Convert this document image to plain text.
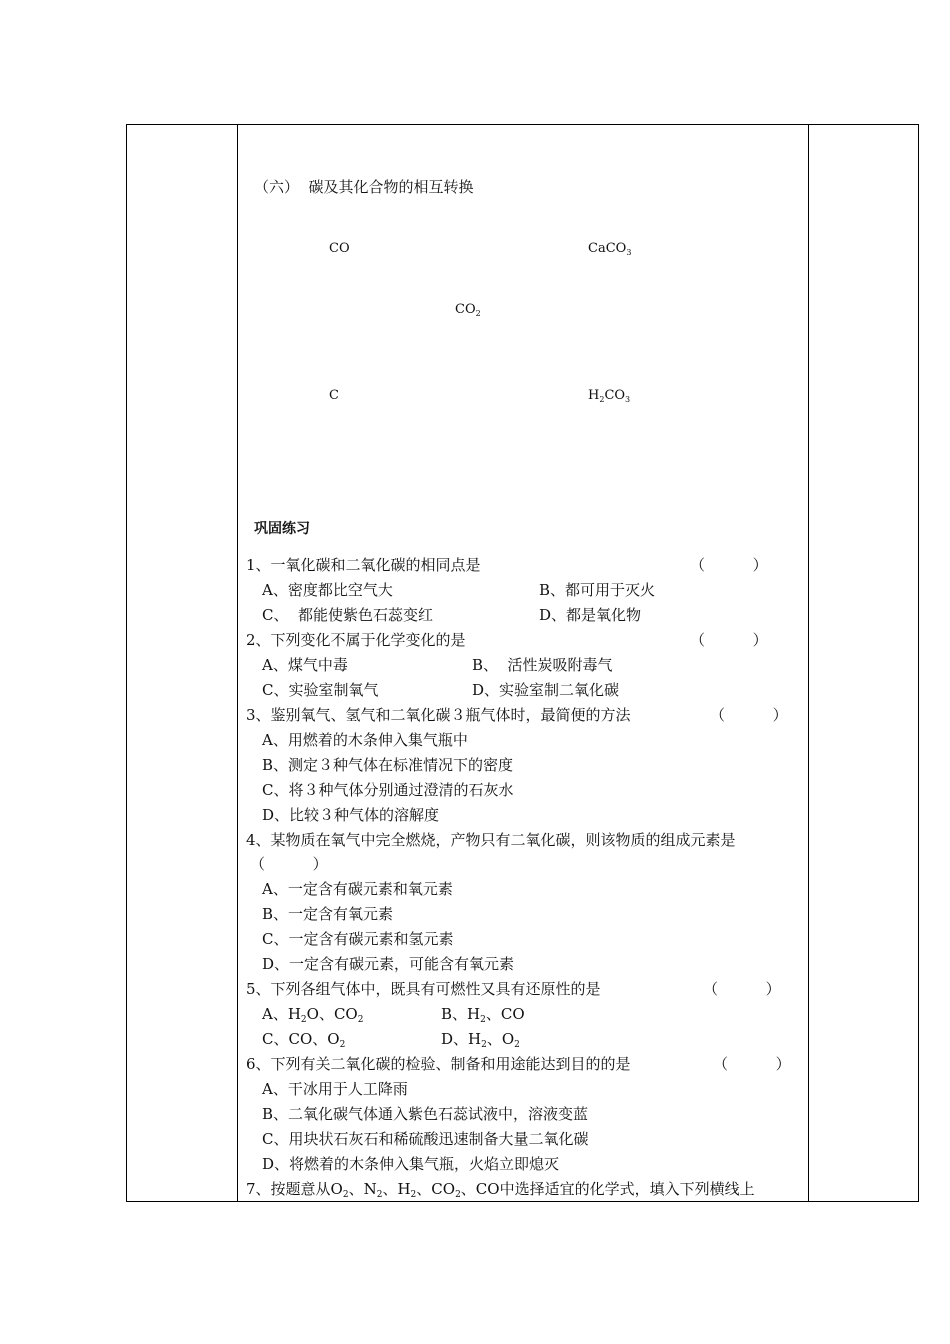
（六）  碳及其化合物的相互转换
CO	CaCO$_3$
$CO_2$
C	$H_2CO_3$
巩固练习
1、一氧化碳和二氧化碳的相同点是	（          ）
A、密度都比空气大	B、都可用于灭火
C、  都能使紫色石蕊变红	D、都是氧化物
2、下列变化不属于化学变化的是	（          ）
A、煤气中毒	B、  活性炭吸附毒气
C、实验室制氧气	D、实验室制二氧化碳
3、鉴别氧气、氢气和二氧化碳３瓶气体时，最简便的方法	（          ）
A、用燃着的木条伸入集气瓶中
B、测定３种气体在标准情况下的密度
C、将３种气体分别通过澄清的石灰水
D、比较３种气体的溶解度
4、某物质在氧气中完全燃烧，产物只有二氧化碳，则该物质的组成元素是
（          ）
A、一定含有碳元素和氧元素
B、一定含有氧元素
C、一定含有碳元素和氢元素
D、一定含有碳元素，可能含有氧元素
5、下列各组气体中，既具有可燃性又具有还原性的是	（          ）
A、$H_2O$、$CO_2$	B、$H_2$、CO
C、CO、$O_2$	D、$H_2$、$O_2$
6、下列有关二氧化碳的检验、制备和用途能达到目的的是	（          ）
A、干冰用于人工降雨
B、二氧化碳气体通入紫色石蕊试液中，溶液变蓝
C、用块状石灰石和稀硫酸迅速制备大量二氧化碳
D、将燃着的木条伸入集气瓶，火焰立即熄灭
7、按题意从$O_2$、$N_2$、$H_2$、$CO_2$、CO中选择适宜的化学式，填入下列横线上
